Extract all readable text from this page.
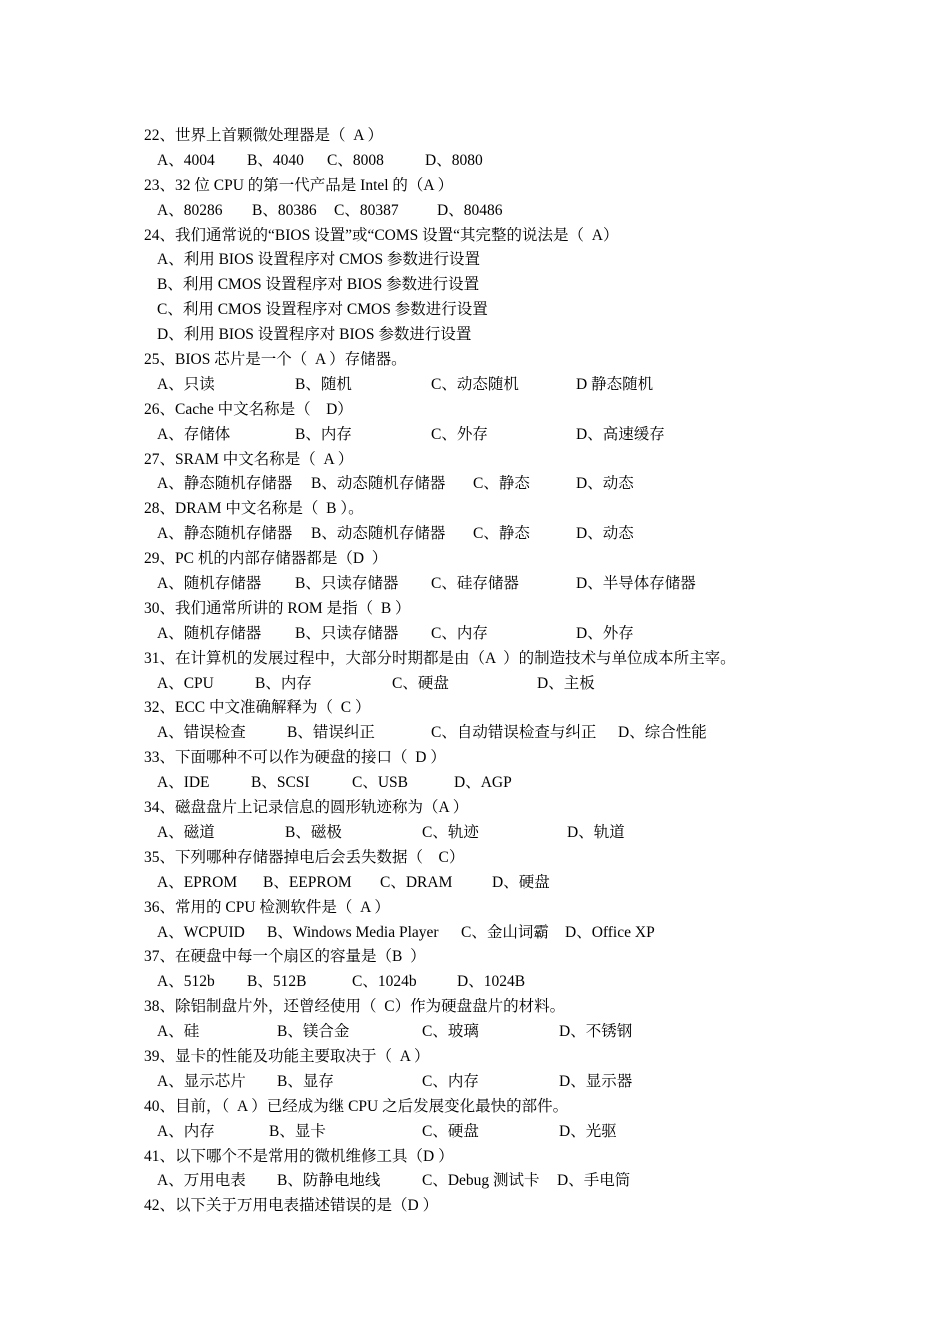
22、世界上首颗微处理器是（  A ）
A、4004 B、4040 C、8008	D、8080
23、32 位 CPU 的第一代产品是 Intel 的（A ）
A、80286 B、80386 C、80387 D、80486
24、我们通常说的“BIOS 设置”或“COMS 设置“其完整的说法是（  A）
A、利用 BIOS 设置程序对 CMOS 参数进行设置
B、利用 CMOS 设置程序对 BIOS 参数进行设置
C、利用 CMOS 设置程序对 CMOS 参数进行设置
D、利用 BIOS 设置程序对 BIOS 参数进行设置
25、BIOS 芯片是一个（  A ）存储器。
A、只读	B、随机	C、动态随机	D 静态随机
26、Cache 中文名称是（    D）
A、存储体	B、内存	C、外存	D、高速缓存
27、SRAM 中文名称是（  A ）
A、静态随机存储器 B、动态随机存储器 C、静态	D、动态
28、DRAM 中文名称是（  B ）。
A、静态随机存储器 B、动态随机存储器 C、静态	D、动态
29、PC 机的内部存储器都是（D  ）
A、随机存储器 B、只读存储器 C、硅存储器	D、半导体存储器
30、我们通常所讲的 ROM 是指（  B ）
A、随机存储器 B、只读存储器 C、内存	D、外存
31、在计算机的发展过程中，大部分时期都是由（A  ）的制造技术与单位成本所主宰。
A、CPU	B、内存	C、硬盘	D、主板
32、ECC 中文准确解释为（  C ）
A、错误检查	B、错误纠正	C、自动错误检查与纠正 D、综合性能
33、下面哪种不可以作为硬盘的接口（  D ）
A、IDE	B、SCSI	C、USB	D、AGP
34、磁盘盘片上记录信息的圆形轨迹称为（A ）
A、磁道	B、磁极	C、轨迹	D、轨道
35、下列哪种存储器掉电后会丢失数据（    C）
A、EPROM B、EEPROM C、DRAM	D、硬盘
36、常用的 CPU 检测软件是（  A ）
A、WCPUID B、Windows Media Player C、金山词霸 D、Office XP
37、在硬盘中每一个扇区的容量是（B  ）
A、512b B、512B	C、1024b	D、1024B
38、除铝制盘片外，还曾经使用（  C）作为硬盘盘片的材料。
A、硅	B、镁合金	C、玻璃	D、不锈钢
39、显卡的性能及功能主要取决于（  A ）
A、显示芯片 B、显存	C、内存	D、显示器
40、目前，（  A ）已经成为继 CPU 之后发展变化最快的部件。
A、内存	B、显卡	C、硬盘	D、光驱
41、以下哪个不是常用的微机维修工具（D ）
A、万用电表 B、防静电地线	C、Debug 测试卡 D、手电筒
42、以下关于万用电表描述错误的是（D ）
